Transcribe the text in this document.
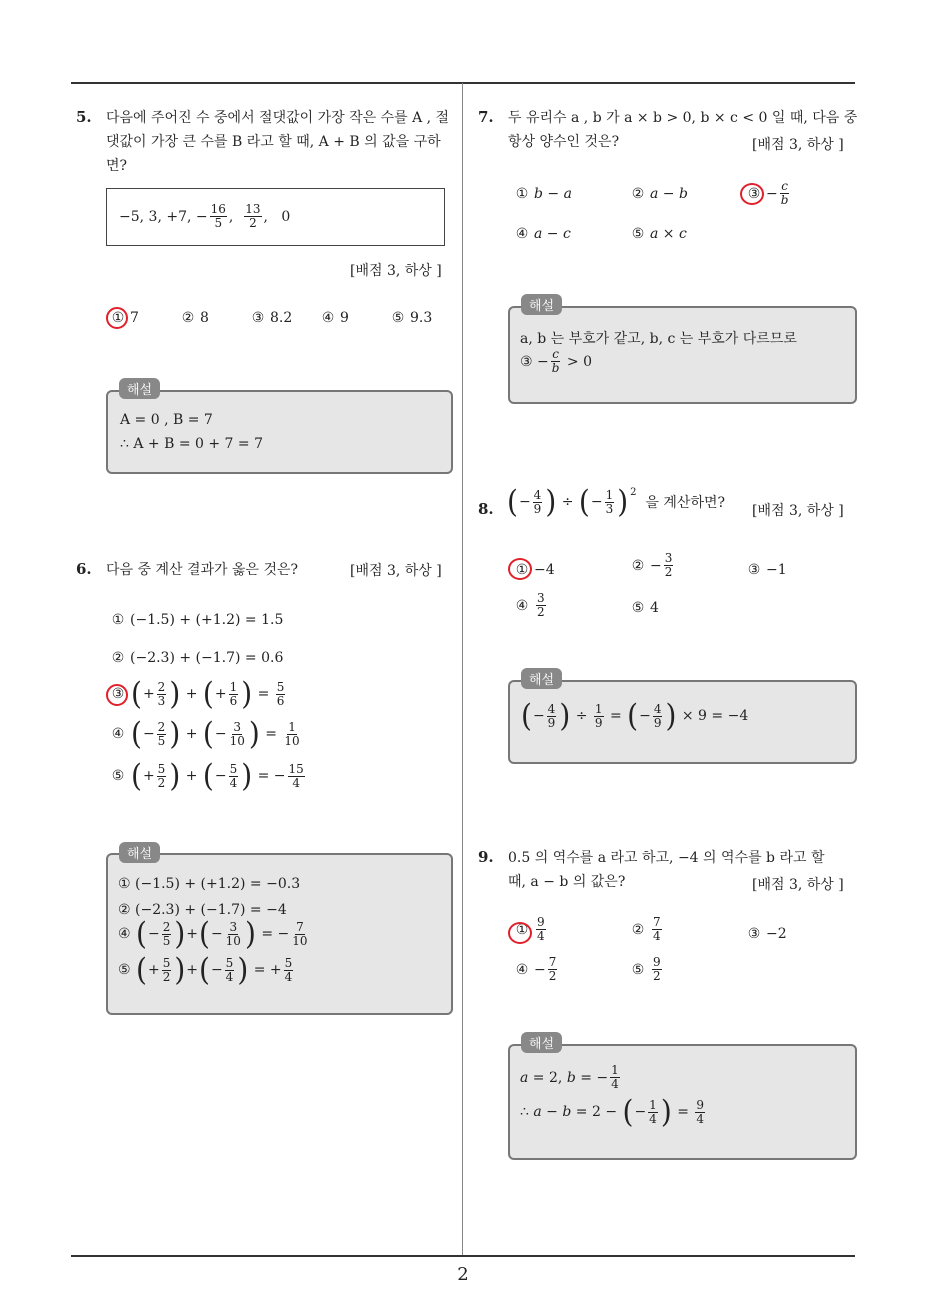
2
5. 다음에 주어진 수 중에서 절댓값이 가장 작은 수를 A , 절댓값이 가장 큰 수를 B 라고 할 때, A + B 의 값을 구하면?
−5, 3, +7, − $\frac{16}{5}$ , $\frac{13}{2}$ , 0
[배점 3, 하상 ]
① 7	② 8	③ 8.2 ④ 9	⑤ 9.3
해설
A = 0 , B = 7
∴ A + B = 0 + 7 = 7
6. 다음 중 계산 결과가 옳은 것은?	[배점 3, 하상 ]
① (−1.5) + (+1.2) = 1.5
② (−2.3) + (−1.7) = 0.6
③ ( + $\frac{2}{3}$ ) + ( + $\frac{1}{6}$ ) = $\frac{5}{6}$
④ ( − $\frac{2}{5}$ ) + ( − $\frac{3}{10}$ ) = $\frac{1}{10}$
⑤ ( + $\frac{5}{2}$ ) + ( − $\frac{5}{4}$ ) = − $\frac{15}{4}$
해설
① (−1.5) + (+1.2) = −0.3
② (−2.3) + (−1.7) = −4
④
( − $\frac{2}{5}$ ) + ( − $\frac{3}{10}$ ) = − $\frac{7}{10}$
⑤
( + $\frac{5}{2}$ ) + ( − $\frac{5}{4}$ ) = + $\frac{5}{4}$
7. 두 유리수 a , b 가 a × b > 0, b × c < 0 일 때, 다음 중
항상 양수인 것은?	[배점 3, 하상 ]
① b − a	② a − b	③ − $\frac{c}{b}$
④ a − c	⑤ a × c
해설
a, b 는 부호가 같고, b, c 는 부호가 다르므로
③ − $\frac{c}{b} > 0$
8. ( − $\frac{4}{9}$ ) ÷ ( − $\frac{1}{3}$ ) 2

을 계산하면? [배점 3, 하상 ]
① −4	② − $\frac{3}{2}$	③ −1
④ $\frac{3}{2}$	⑤ 4
해설
( − $\frac{4}{9}$ ) ÷ $\frac{1}{9}$ = ( − $\frac{4}{9}$ ) × 9 = −4
9. 0.5 의 역수를 a 라고 하고, −4 의 역수를 b 라고 할
때, a − b 의 값은?	[배점 3, 하상 ]
① $\frac{9}{4}$	② $\frac{7}{4}$	③ −2
④ − $\frac{7}{2}$	⑤ $\frac{9}{2}$
해설
a = 2, b = − $\frac{1}{4}$
∴ a − b = 2 − ( − $\frac{1}{4}$ ) = $\frac{9}{4}$
